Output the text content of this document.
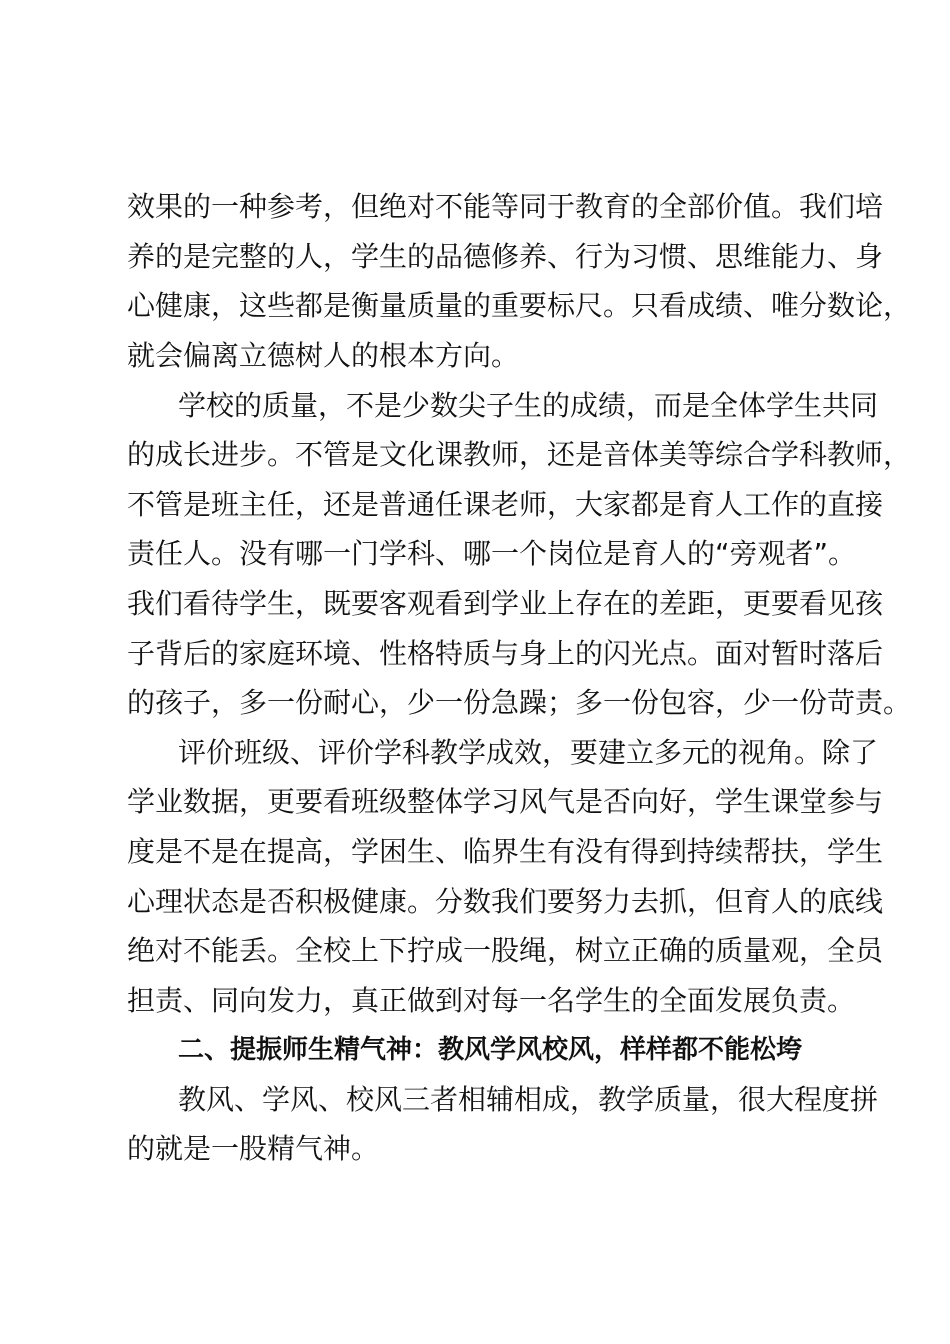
效果的一种参考，但绝对不能等同于教育的全部价值。我们培

养的是完整的人，学生的品德修养、行为习惯、思维能力、身

心健康，这些都是衡量质量的重要标尺。只看成绩、唯分数论，

就会偏离立德树人的根本方向。

学校的质量，不是少数尖子生的成绩，而是全体学生共同

的成长进步。不管是文化课教师，还是音体美等综合学科教师，

不管是班主任，还是普通任课老师，大家都是育人工作的直接

责任人。没有哪一门学科、哪一个岗位是育人的“旁观者”。

我们看待学生，既要客观看到学业上存在的差距，更要看见孩

子背后的家庭环境、性格特质与身上的闪光点。面对暂时落后

的孩子，多一份耐心，少一份急躁；多一份包容，少一份苛责。

评价班级、评价学科教学成效，要建立多元的视角。除了

学业数据，更要看班级整体学习风气是否向好，学生课堂参与

度是不是在提高，学困生、临界生有没有得到持续帮扶，学生

心理状态是否积极健康。分数我们要努力去抓，但育人的底线

绝对不能丢。全校上下拧成一股绳，树立正确的质量观，全员

担责、同向发力，真正做到对每一名学生的全面发展负责。

二、提振师生精气神：教风学风校风，样样都不能松垮

教风、学风、校风三者相辅相成，教学质量，很大程度拼

的就是一股精气神。
